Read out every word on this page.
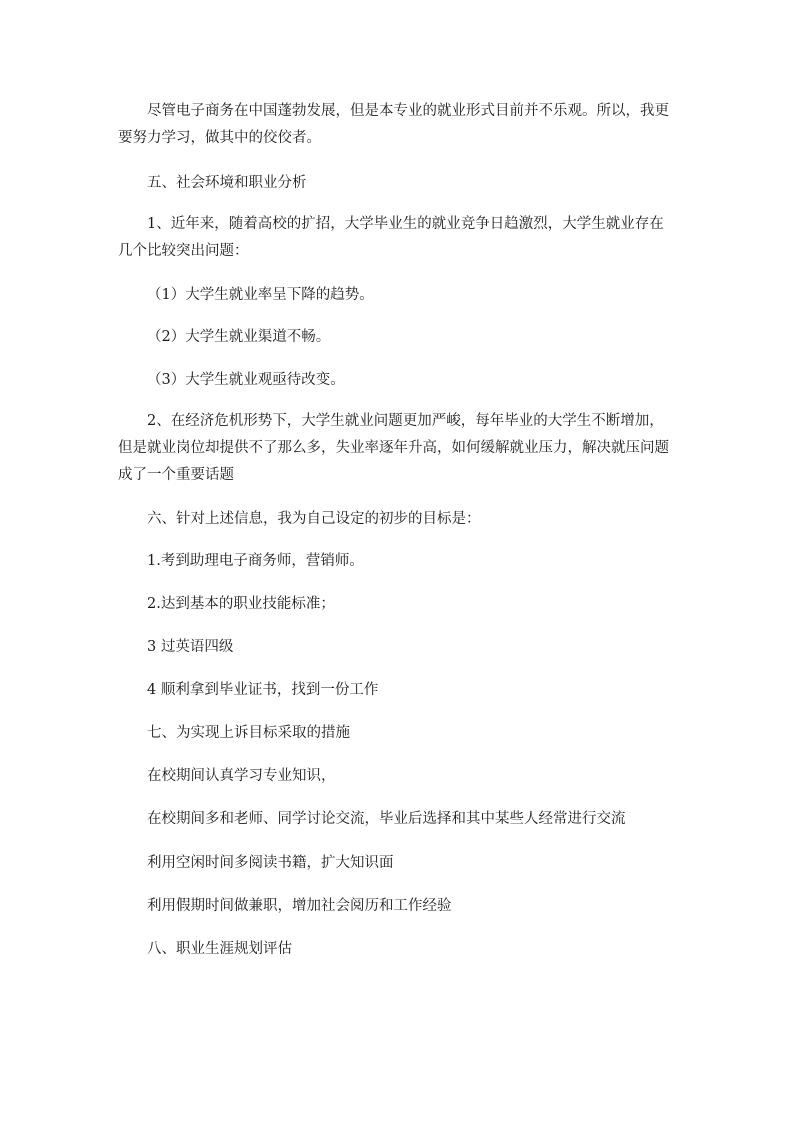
尽管电子商务在中国蓬勃发展，但是本专业的就业形式目前并不乐观。所以，我更要努力学习，做其中的佼佼者。

五、社会环境和职业分析

1、近年来，随着高校的扩招，大学毕业生的就业竞争日趋激烈，大学生就业存在几个比较突出问题：

（1）大学生就业率呈下降的趋势。

（2）大学生就业渠道不畅。

（3）大学生就业观亟待改变。

2、在经济危机形势下，大学生就业问题更加严峻，每年毕业的大学生不断增加，但是就业岗位却提供不了那么多，失业率逐年升高，如何缓解就业压力，解决就压问题成了一个重要话题

六、针对上述信息，我为自己设定的初步的目标是：

1.考到助理电子商务师，营销师。

2.达到基本的职业技能标准；

3 过英语四级

4 顺利拿到毕业证书，找到一份工作

七、为实现上诉目标采取的措施

在校期间认真学习专业知识，

在校期间多和老师、同学讨论交流，毕业后选择和其中某些人经常进行交流

利用空闲时间多阅读书籍，扩大知识面

利用假期时间做兼职，增加社会阅历和工作经验

八、职业生涯规划评估
